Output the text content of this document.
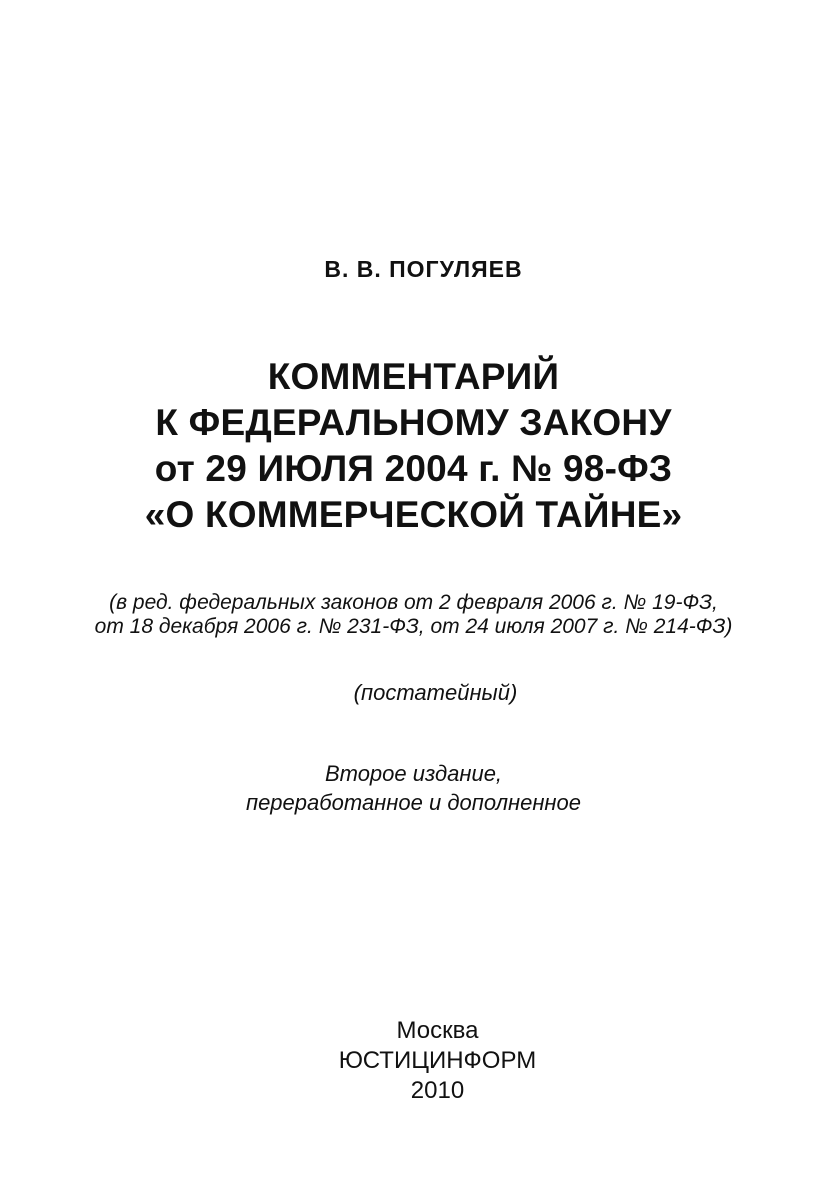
В. В. ПОГУЛЯЕВ
КОММЕНТАРИЙ
К ФЕДЕРАЛЬНОМУ ЗАКОНУ
от 29 ИЮЛЯ 2004 г. № 98-ФЗ
«О КОММЕРЧЕСКОЙ ТАЙНЕ»
(в ред. федеральных законов от 2 февраля 2006 г. № 19-ФЗ,
от 18 декабря 2006 г. № 231-ФЗ, от 24 июля 2007 г. № 214-ФЗ)
(постатейный)
Второе издание,
переработанное и дополненное
Москва
ЮСТИЦИНФОРМ
2010
